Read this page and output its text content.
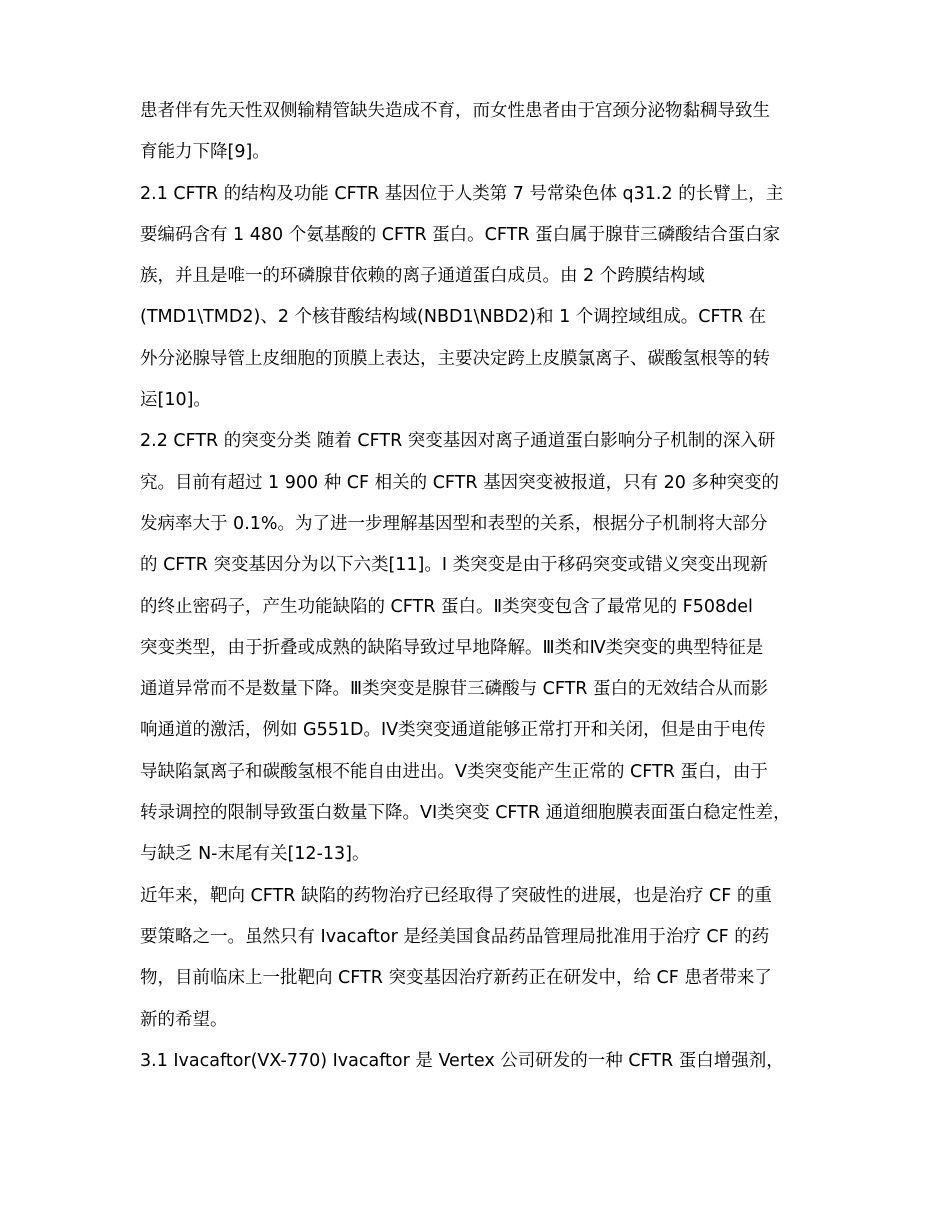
患者伴有先天性双侧输精管缺失造成不育，而女性患者由于宫颈分泌物黏稠导致生
育能力下降[9]。
2.1 CFTR 的结构及功能 CFTR 基因位于人类第 7 号常染色体 q31.2 的长臂上，主
要编码含有 1 480 个氨基酸的 CFTR 蛋白。CFTR 蛋白属于腺苷三磷酸结合蛋白家
族，并且是唯一的环磷腺苷依赖的离子通道蛋白成员。由 2 个跨膜结构域
(TMD1\TMD2)、2 个核苷酸结构域(NBD1\NBD2)和 1 个调控域组成。CFTR 在
外分泌腺导管上皮细胞的顶膜上表达，主要决定跨上皮膜氯离子、碳酸氢根等的转
运[10]。
2.2 CFTR 的突变分类 随着 CFTR 突变基因对离子通道蛋白影响分子机制的深入研
究。目前有超过 1 900 种 CF 相关的 CFTR 基因突变被报道，只有 20 多种突变的
发病率大于 0.1%。为了进一步理解基因型和表型的关系，根据分子机制将大部分
的 CFTR 突变基因分为以下六类[11]。I 类突变是由于移码突变或错义突变出现新
的终止密码子，产生功能缺陷的 CFTR 蛋白。Ⅱ类突变包含了最常见的 F508del
突变类型，由于折叠或成熟的缺陷导致过早地降解。Ⅲ类和Ⅳ类突变的典型特征是
通道异常而不是数量下降。Ⅲ类突变是腺苷三磷酸与 CFTR 蛋白的无效结合从而影
响通道的激活，例如 G551D。IV类突变通道能够正常打开和关闭，但是由于电传
导缺陷氯离子和碳酸氢根不能自由进出。Ⅴ类突变能产生正常的 CFTR 蛋白，由于
转录调控的限制导致蛋白数量下降。VI类突变 CFTR 通道细胞膜表面蛋白稳定性差，
与缺乏 N-末尾有关[12-13]。
近年来，靶向 CFTR 缺陷的药物治疗已经取得了突破性的进展，也是治疗 CF 的重
要策略之一。虽然只有 Ivacaftor 是经美国食品药品管理局批准用于治疗 CF 的药
物，目前临床上一批靶向 CFTR 突变基因治疗新药正在研发中，给 CF 患者带来了
新的希望。
3.1 Ivacaftor(VX-770) Ivacaftor 是 Vertex 公司研发的一种 CFTR 蛋白增强剂，
